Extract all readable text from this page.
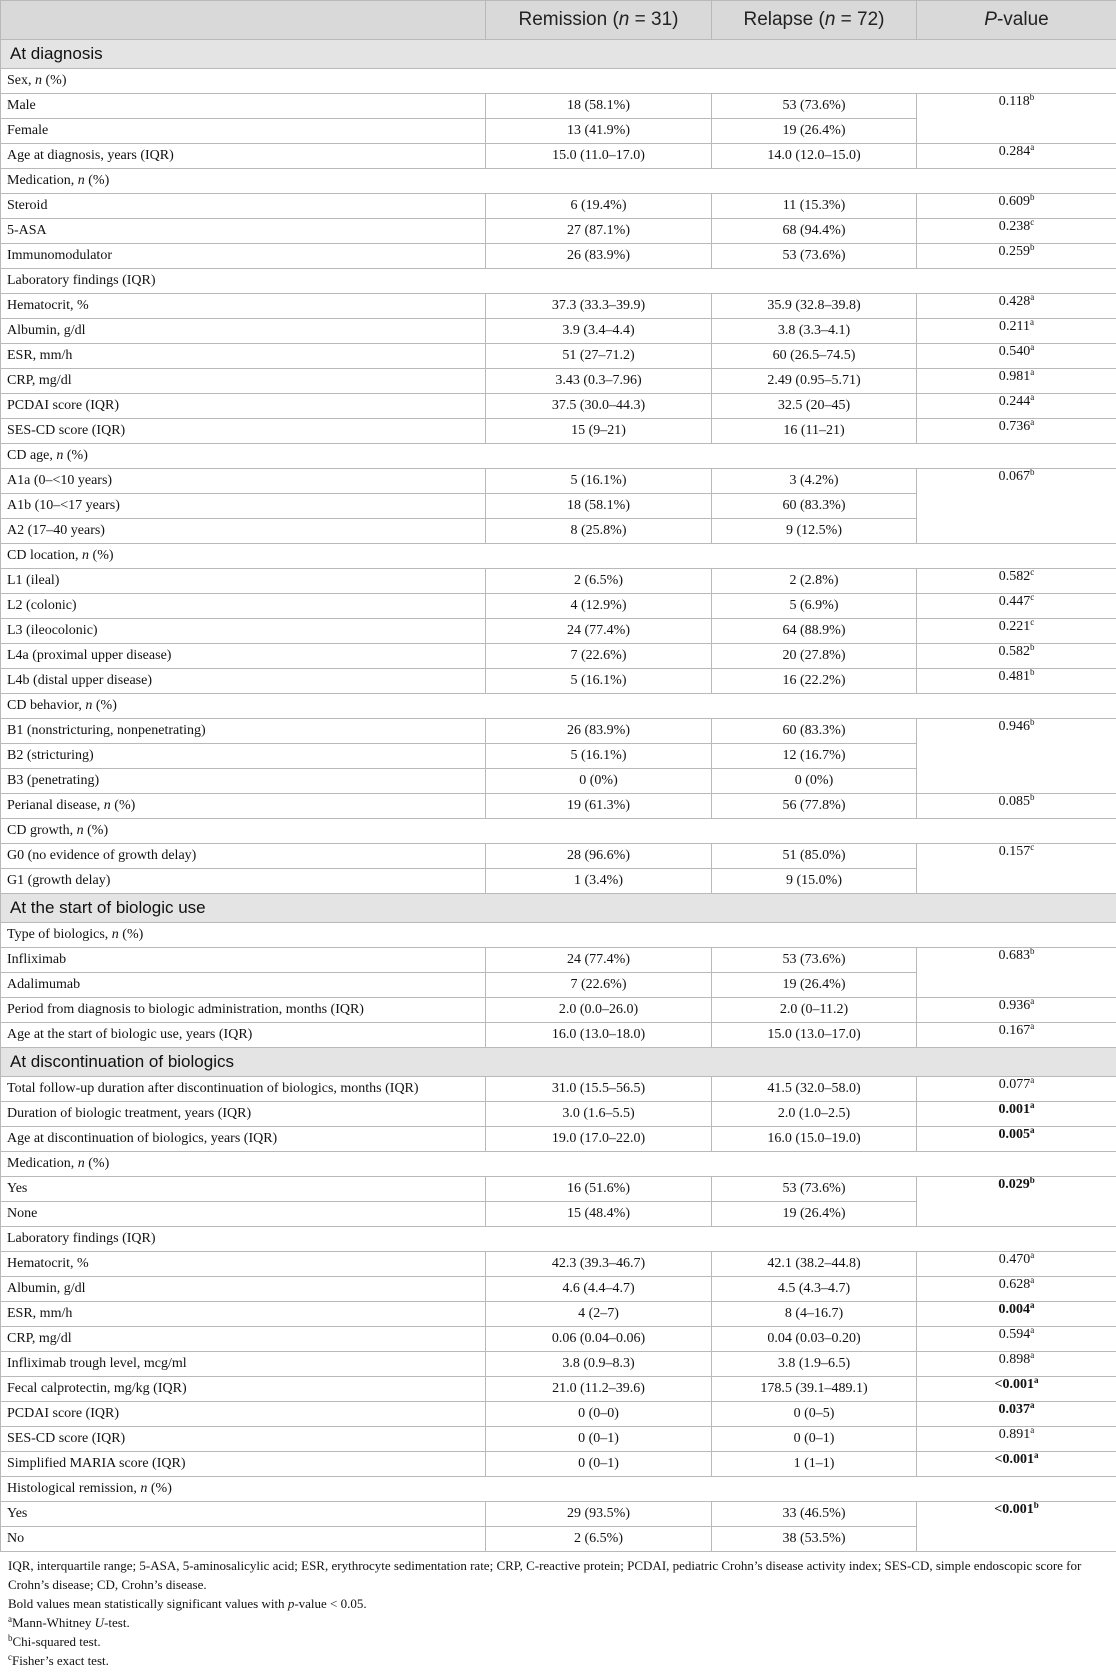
	Remission (n = 31)	Relapse (n = 72)	P-value
At diagnosis			
Sex, n (%)			
Male	18 (58.1%)	53 (73.6%)	0.118$^b$
Female	13 (41.9%)	19 (26.4%)	
Age at diagnosis, years (IQR)	15.0 (11.0–17.0)	14.0 (12.0–15.0)	0.284$^a$
Medication, n (%)			
Steroid	6 (19.4%)	11 (15.3%)	0.609$^b$
5-ASA	27 (87.1%)	68 (94.4%)	0.238$^c$
Immunomodulator	26 (83.9%)	53 (73.6%)	0.259$^b$
Laboratory findings (IQR)			
Hematocrit, %	37.3 (33.3–39.9)	35.9 (32.8–39.8)	0.428$^a$
Albumin, g/dl	3.9 (3.4–4.4)	3.8 (3.3–4.1)	0.211$^a$
ESR, mm/h	51 (27–71.2)	60 (26.5–74.5)	0.540$^a$
CRP, mg/dl	3.43 (0.3–7.96)	2.49 (0.95–5.71)	0.981$^a$
PCDAI score (IQR)	37.5 (30.0–44.3)	32.5 (20–45)	0.244$^a$
SES-CD score (IQR)	15 (9–21)	16 (11–21)	0.736$^a$
CD age, n (%)			
A1a (0–<10 years)	5 (16.1%)	3 (4.2%)	0.067$^b$
A1b (10–<17 years)	18 (58.1%)	60 (83.3%)	
A2 (17–40 years)	8 (25.8%)	9 (12.5%)	
CD location, n (%)			
L1 (ileal)	2 (6.5%)	2 (2.8%)	0.582$^c$
L2 (colonic)	4 (12.9%)	5 (6.9%)	0.447$^c$
L3 (ileocolonic)	24 (77.4%)	64 (88.9%)	0.221$^c$
L4a (proximal upper disease)	7 (22.6%)	20 (27.8%)	0.582$^b$
L4b (distal upper disease)	5 (16.1%)	16 (22.2%)	0.481$^b$
CD behavior, n (%)			
B1 (nonstricturing, nonpenetrating)	26 (83.9%)	60 (83.3%)	0.946$^b$
B2 (stricturing)	5 (16.1%)	12 (16.7%)	
B3 (penetrating)	0 (0%)	0 (0%)	
Perianal disease, n (%)	19 (61.3%)	56 (77.8%)	0.085$^b$
CD growth, n (%)			
G0 (no evidence of growth delay)	28 (96.6%)	51 (85.0%)	0.157$^c$
G1 (growth delay)	1 (3.4%)	9 (15.0%)	
At the start of biologic use			
Type of biologics, n (%)			
Infliximab	24 (77.4%)	53 (73.6%)	0.683$^b$
Adalimumab	7 (22.6%)	19 (26.4%)	
Period from diagnosis to biologic administration, months (IQR)	2.0 (0.0–26.0)	2.0 (0–11.2)	0.936$^a$
Age at the start of biologic use, years (IQR)	16.0 (13.0–18.0)	15.0 (13.0–17.0)	0.167$^a$
At discontinuation of biologics			
Total follow-up duration after discontinuation of biologics, months (IQR)	31.0 (15.5–56.5)	41.5 (32.0–58.0)	0.077$^a$
Duration of biologic treatment, years (IQR)	3.0 (1.6–5.5)	2.0 (1.0–2.5)	0.001$^a$
Age at discontinuation of biologics, years (IQR)	19.0 (17.0–22.0)	16.0 (15.0–19.0)	0.005$^a$
Medication, n (%)			
Yes	16 (51.6%)	53 (73.6%)	0.029$^b$
None	15 (48.4%)	19 (26.4%)	
Laboratory findings (IQR)			
Hematocrit, %	42.3 (39.3–46.7)	42.1 (38.2–44.8)	0.470$^a$
Albumin, g/dl	4.6 (4.4–4.7)	4.5 (4.3–4.7)	0.628$^a$
ESR, mm/h	4 (2–7)	8 (4–16.7)	0.004$^a$
CRP, mg/dl	0.06 (0.04–0.06)	0.04 (0.03–0.20)	0.594$^a$
Infliximab trough level, mcg/ml	3.8 (0.9–8.3)	3.8 (1.9–6.5)	0.898$^a$
Fecal calprotectin, mg/kg (IQR)	21.0 (11.2–39.6)	178.5 (39.1–489.1)	<0.001$^a$
PCDAI score (IQR)	0 (0–0)	0 (0–5)	0.037$^a$
SES-CD score (IQR)	0 (0–1)	0 (0–1)	0.891$^a$
Simplified MARIA score (IQR)	0 (0–1)	1 (1–1)	<0.001$^a$
Histological remission, n (%)			
Yes	29 (93.5%)	33 (46.5%)	<0.001$^b$
No	2 (6.5%)	38 (53.5%)	
IQR, interquartile range; 5-ASA, 5-aminosalicylic acid; ESR, erythrocyte sedimentation rate; CRP, C-reactive protein; PCDAI, pediatric Crohn’s disease activity index; SES-CD, simple endoscopic score for Crohn’s disease; CD, Crohn’s disease.
Bold values mean statistically significant values with p-value < 0.05.
$^a$Mann-Whitney U-test.
$^b$Chi-squared test.
$^c$Fisher’s exact test.
